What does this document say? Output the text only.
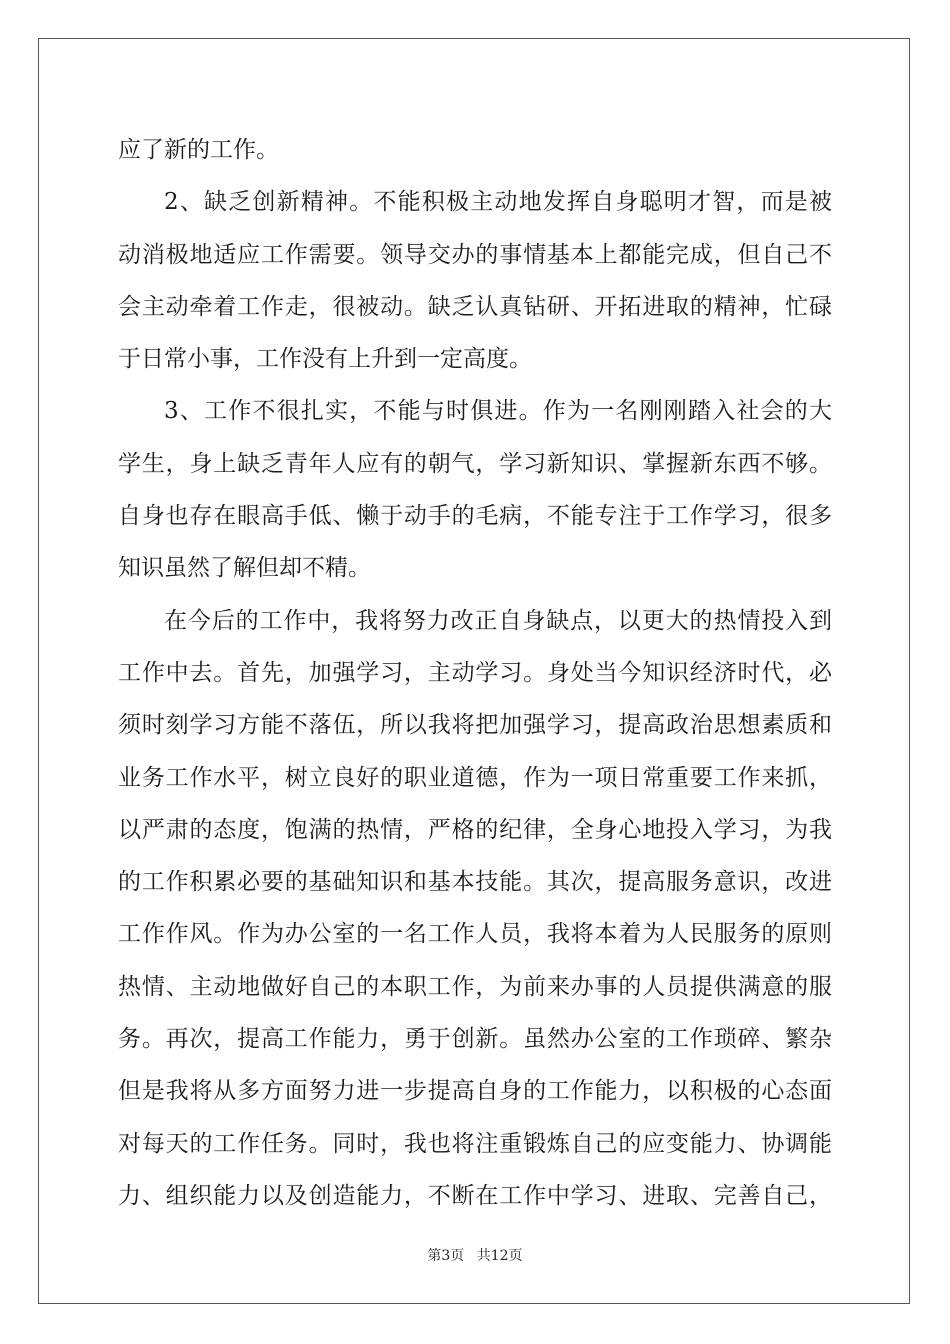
应了新的工作。
2、缺乏创新精神。不能积极主动地发挥自身聪明才智，而是被
动消极地适应工作需要。领导交办的事情基本上都能完成，但自己不
会主动牵着工作走，很被动。缺乏认真钻研、开拓进取的精神，忙碌
于日常小事，工作没有上升到一定高度。
3、工作不很扎实，不能与时俱进。作为一名刚刚踏入社会的大
学生，身上缺乏青年人应有的朝气，学习新知识、掌握新东西不够。
自身也存在眼高手低、懒于动手的毛病，不能专注于工作学习，很多
知识虽然了解但却不精。
在今后的工作中，我将努力改正自身缺点，以更大的热情投入到
工作中去。首先，加强学习，主动学习。身处当今知识经济时代，必
须时刻学习方能不落伍，所以我将把加强学习，提高政治思想素质和
业务工作水平，树立良好的职业道德，作为一项日常重要工作来抓，
以严肃的态度，饱满的热情，严格的纪律，全身心地投入学习，为我
的工作积累必要的基础知识和基本技能。其次，提高服务意识，改进
工作作风。作为办公室的一名工作人员，我将本着为人民服务的原则
热情、主动地做好自己的本职工作，为前来办事的人员提供满意的服
务。再次，提高工作能力，勇于创新。虽然办公室的工作琐碎、繁杂
但是我将从多方面努力进一步提高自身的工作能力，以积极的心态面
对每天的工作任务。同时，我也将注重锻炼自己的应变能力、协调能
力、组织能力以及创造能力，不断在工作中学习、进取、完善自己，
第3页 共12页
